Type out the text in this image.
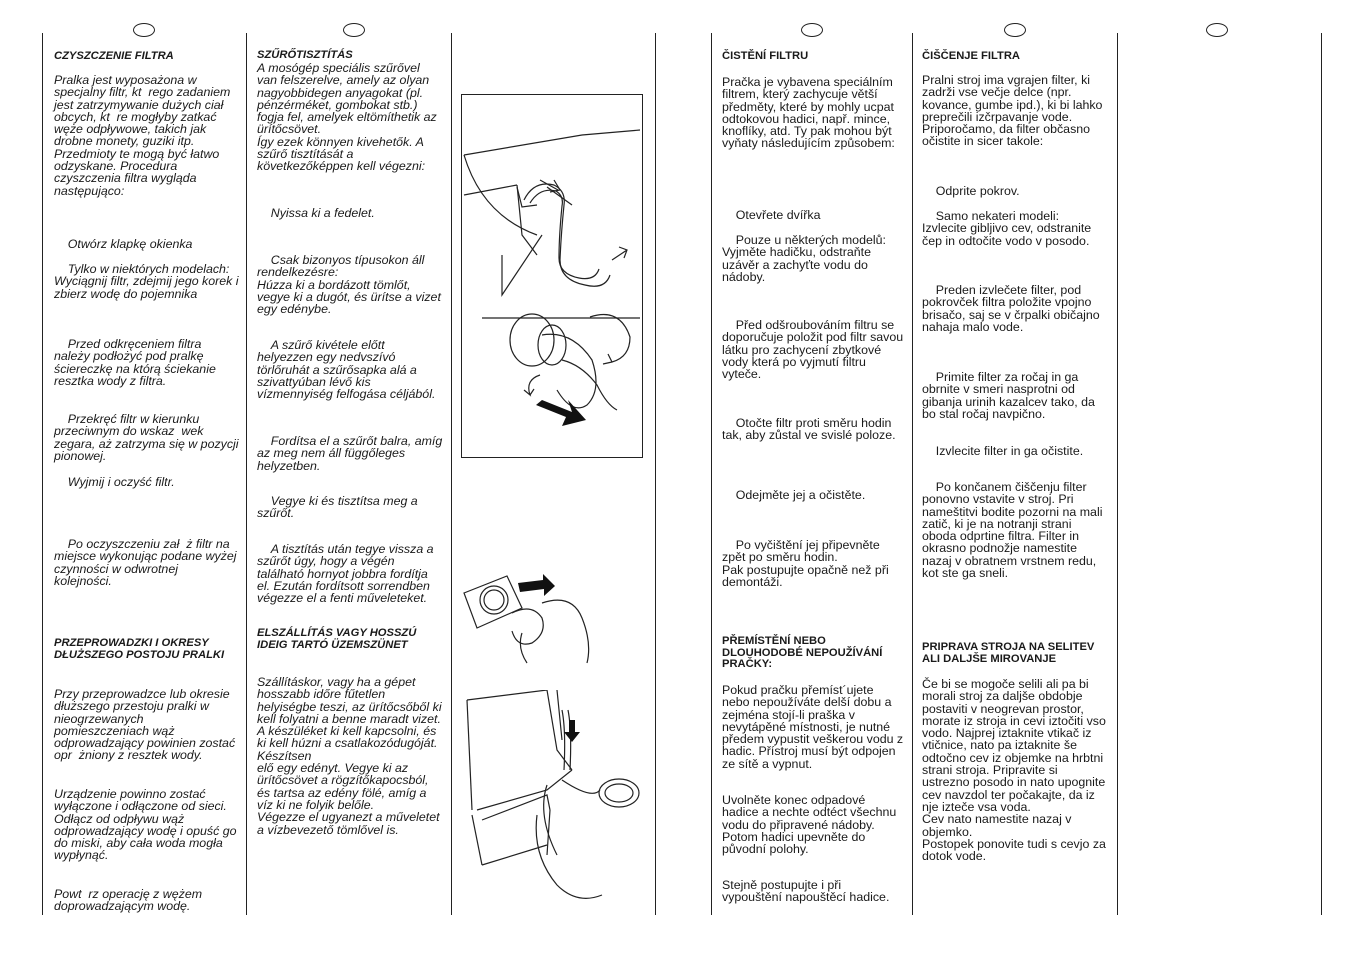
CZYSZCZENIE FILTRA

Pralka jest wyposażona w specjalny filtr, kt  rego zadaniem jest zatrzymywanie dużych ciał obcych, kt  re mogłyby zatkać węże odpływowe, takich jak drobne monety, guziki itp. Przedmioty te mogą być łatwo odzyskane. Procedura czyszczenia filtra wygląda następująco:

Otwórz klapkę okienka

Tylko w niektórych modelach:
Wyciągnij filtr, zdejmij jego korek i zbierz wodę do pojemnika

Przed odkręceniem filtra należy podłożyć pod pralkę ściereczkę na którą ściekanie resztka wody z filtra.

Przekręć filtr w kierunku przeciwnym do wskaz  wek zegara, aż zatrzyma się w pozycji pionowej.

Wyjmij i oczyść filtr.

Po oczyszczeniu zał  ż filtr na miejsce wykonując podane wyżej czynności w odwrotnej kolejności.

PRZEPROWADZKI I OKRESY DŁUŻSZEGO POSTOJU PRALKI

Przy przeprowadzce lub okresie dłuższego przestoju pralki w nieogrzewanych pomieszczeniach wąż odprowadzający powinien zostać opr  żniony z resztek wody.

Urządzenie powinno zostać wyłączone i odłączone od sieci.
Odłącz od odpływu wąż odprowadzający wodę i opuść go do miski, aby cała woda mogła wypłynąć.

Powt  rz operację z wężem doprowadzającym wodę.

SZŰRŐTISZTÍTÁS

A mosógép speciális szűrővel van felszerelve, amely az olyan nagyobbidegen anyagokat (pl. pénzérméket, gombokat stb.) fogja fel, amelyek eltömíthetik az ürítőcsövet.
Így ezek könnyen kivehetők. A szűrő tisztítását a következőképpen kell végezni:

Nyissa ki a fedelet.

Csak bizonyos típusokon áll rendelkezésre:
Húzza ki a bordázott tömlőt, vegye ki a dugót, és ürítse a vizet egy edénybe.

A szűrő kivétele előtt helyezzen egy nedvszívó törlőruhát a szűrősapka alá a szivattyúban lévő kis vízmennyiség felfogása céljából.

Fordítsa el a szűrőt balra, amíg az meg nem áll függőleges helyzetben.

Vegye ki és tisztítsa meg a szűrőt.

A tisztítás után tegye vissza a szűrőt úgy, hogy a végén található hornyot jobbra fordítja el. Ezután fordítsott sorrendben végezze el a fenti műveleteket.

ELSZÁLLÍTÁS VAGY HOSSZÚ IDEIG TARTÓ ÜZEMSZÜNET

Szállításkor, vagy ha a gépet hosszabb időre fűtetlen helyiségbe teszi, az ürítőcsőből ki kell folyatni a benne maradt vizet.
A készüléket ki kell kapcsolni, és ki kell húzni a csatlakozódugóját. Készítsen
elő egy edényt. Vegye ki az ürítőcsövet a rögzítőkapocsból, és tartsa az edény fölé, amíg a víz ki ne folyik belőle.
Végezze el ugyanezt a műveletet a vízbevezető tömlővel is.

ČISTĚNÍ FILTRU

Pračka je vybavena speciálním filtrem, který zachycuje větší předměty, které by mohly ucpat odtokovou hadici, např. mince, knoflíky, atd. Ty pak mohou být vyňaty následujícím způsobem:

Otevřete dvířka

Pouze u některých modelů:
Vyjměte hadičku, odstraňte uzávěr a zachyťte vodu do nádoby.

Před odšroubováním filtru se doporučuje položit pod filtr savou látku pro zachycení zbytkové vody která po vyjmutí filtru vyteče.

Otočte filtr proti směru hodin tak, aby zůstal ve svislé poloze.

Odejměte jej a očistěte.

Po vyčištění jej připevněte zpět po směru hodin.
Pak postupujte opačně než při demontáži.

PŘEMÍSTĚNÍ NEBO DLOUHODOBÉ NEPOUŽÍVÁNÍ PRAČKY:

Pokud pračku přemíst´ujete nebo nepoužíváte delší dobu a zejména stojí-li praška v nevytápěné místnosti, je nutné předem vypustit veškerou vodu z hadic. Přístroj musí být odpojen ze sítě a vypnut.

Uvolněte konec odpadové hadice a nechte odtéct všechnu vodu do připravené nádoby. Potom hadici upevněte do původní polohy.

Stejně postupujte i při vypouštění napouštěcí hadice.

ČIŠČENJE FILTRA

Pralni stroj ima vgrajen filter, ki zadrži vse večje delce (npr. kovance, gumbe ipd.), ki bi lahko preprečili izčrpavanje vode. Priporočamo, da filter občasno očistite in sicer takole:

Odprite pokrov.

Samo nekateri modeli:
Izvlecite gibljivo cev, odstranite čep in odtočite vodo v posodo.

Preden izvlečete filter, pod pokrovček filtra položite vpojno brisačo, saj se v črpalki običajno nahaja malo vode.

Primite filter za ročaj in ga obrnite v smeri nasprotni od gibanja urinih kazalcev tako, da bo stal ročaj navpično.

Izvlecite filter in ga očistite.

Po končanem čiščenju filter ponovno vstavite v stroj. Pri nameštitvi bodite pozorni na mali zatič, ki je na notranji strani oboda odprtine filtra. Filter in okrasno podnožje namestite nazaj v obratnem vrstnem redu, kot ste ga sneli.

PRIPRAVA STROJA NA SELITEV ALI DALJŠE MIROVANJE

Če bi se mogoče selili ali pa bi morali stroj za daljše obdobje postaviti v neogrevan prostor, morate iz stroja in cevi iztočiti vso vodo. Najprej iztaknite vtikač iz vtičnice, nato pa iztaknite še odtočno cev iz objemke na hrbtni strani stroja. Pripravite si ustrezno posodo in nato upognite cev navzdol ter počakajte, da iz nje izteče vsa voda.
Cev nato namestite nazaj v objemko.
Postopek ponovite tudi s cevjo za dotok vode.
